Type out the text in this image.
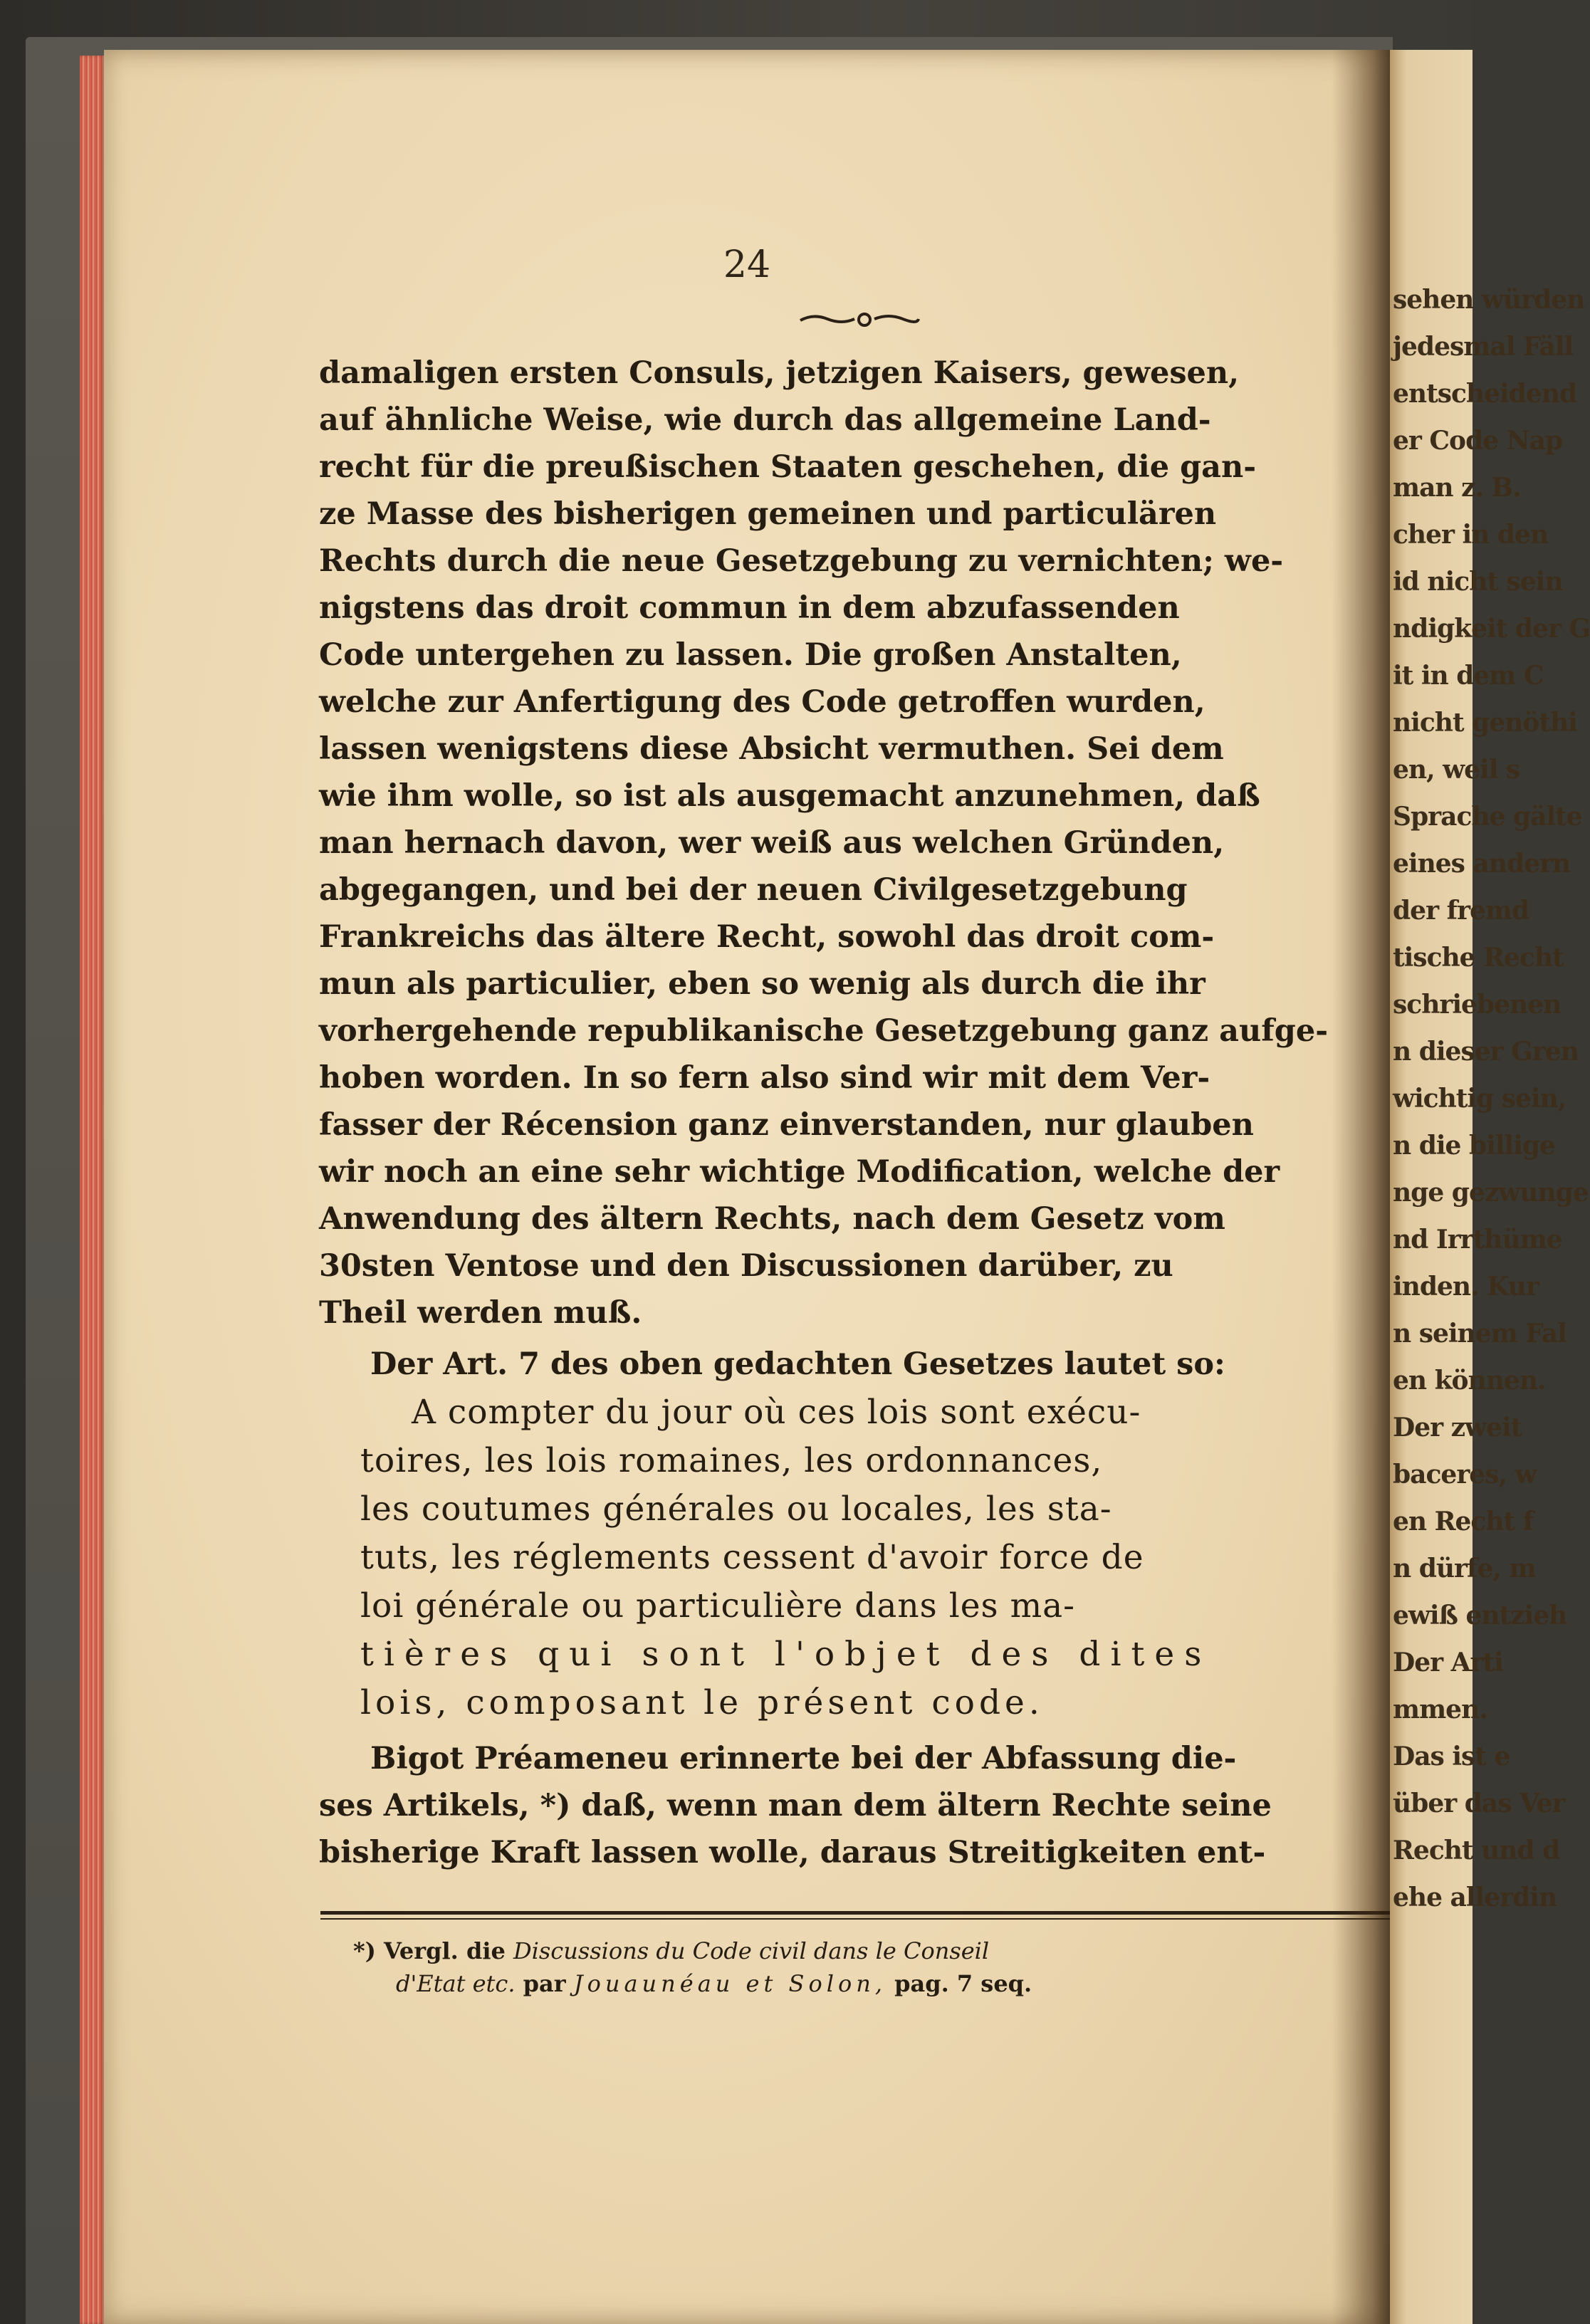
24
damaligen ersten Consuls, jetzigen Kaisers, gewesen,
auf ähnliche Weise, wie durch das allgemeine Land-
recht für die preußischen Staaten geschehen, die gan-
ze Masse des bisherigen gemeinen und particulären
Rechts durch die neue Gesetzgebung zu vernichten; we-
nigstens das droit commun in dem abzufassenden
Code untergehen zu lassen. Die großen Anstalten,
welche zur Anfertigung des Code getroffen wurden,
lassen wenigstens diese Absicht vermuthen. Sei dem
wie ihm wolle, so ist als ausgemacht anzunehmen, daß
man hernach davon, wer weiß aus welchen Gründen,
abgegangen, und bei der neuen Civilgesetzgebung
Frankreichs das ältere Recht, sowohl das droit com-
mun als particulier, eben so wenig als durch die ihr
vorhergehende republikanische Gesetzgebung ganz aufge-
hoben worden. In so fern also sind wir mit dem Ver-
fasser der Récension ganz einverstanden, nur glauben
wir noch an eine sehr wichtige Modification, welche der
Anwendung des ältern Rechts, nach dem Gesetz vom
30sten Ventose und den Discussionen darüber, zu
Theil werden muß.
Der Art. 7 des oben gedachten Gesetzes lautet so:
A compter du jour où ces lois sont exécu-
toires, les lois romaines, les ordonnances,
les coutumes générales ou locales, les sta-
tuts, les réglements cessent d'avoir force de
loi générale ou particulière dans les ma-
tières qui sont l'objet des dites
lois, composant le présent code.
Bigot Préameneu erinnerte bei der Abfassung die-
ses Artikels, *) daß, wenn man dem ältern Rechte seine
bisherige Kraft lassen wolle, daraus Streitigkeiten ent-
*) Vergl. die Discussions du Code civil dans le Conseil
d'Etat etc. par Jouaunéau et Solon, pag. 7 seq.
sehen würden
jedesmal Fäll
entscheidend
er Code Nap
man z. B.
cher in den
id nicht sein
ndigkeit der G
it in dem C
nicht genöthi
en, weil s
Sprache gälte
eines andern
der fremd
tische Recht
schriebenen
n dieser Gren
wichtig sein,
n die billige
nge gezwunge
nd Irrthüme
inden. Kur
n seinem Fal
en können.
Der zweit
baceres, w
en Recht f
n dürfe, m
ewiß entzieh
Der Arti
mmen.
Das ist e
über das Ver
Recht und d
ehe allerdin
